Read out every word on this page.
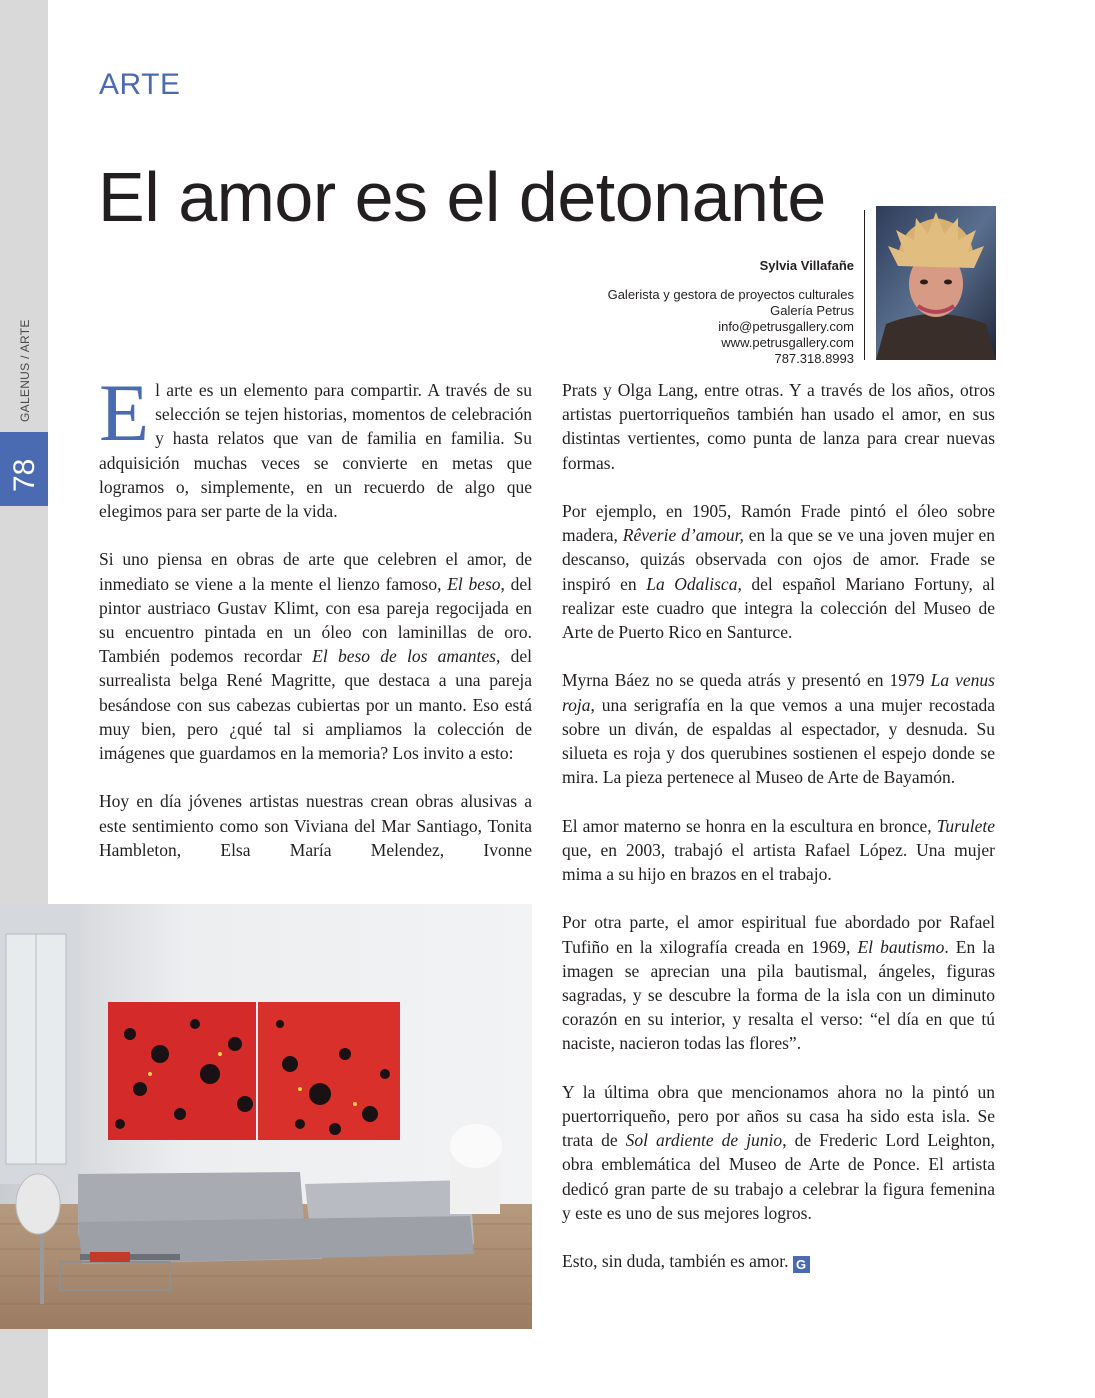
GALENUS / ARTE
78
ARTE
El amor es el detonante
Sylvia Villafañe
Galerista y gestora de proyectos culturales
Galería Petrus
info@petrusgallery.com
www.petrusgallery.com
787.318.8993

El arte es un elemento para compartir. A través de su selección se tejen historias, momentos de celebración y hasta relatos que van de familia en familia. Su adquisición muchas veces se convierte en metas que logramos o, simplemente, en un recuerdo de algo que elegimos para ser parte de la vida.

Si uno piensa en obras de arte que celebren el amor, de inmediato se viene a la mente el lienzo famoso, El beso, del pintor austriaco Gustav Klimt, con esa pareja regocijada en su encuentro pintada en un óleo con laminillas de oro. También podemos recordar El beso de los amantes, del surrealista belga René Magritte, que destaca a una pareja besándose con sus cabezas cubiertas por un manto. Eso está muy bien, pero ¿qué tal si ampliamos la colección de imágenes que guardamos en la memoria? Los invito a esto:

Hoy en día jóvenes artistas nuestras crean obras alusivas a este sentimiento como son Viviana del Mar Santiago, Tonita Hambleton, Elsa María Melendez, Ivonne

Prats y Olga Lang, entre otras. Y a través de los años, otros artistas puertorriqueños también han usado el amor, en sus distintas vertientes, como punta de lanza para crear nuevas formas.

Por ejemplo, en 1905, Ramón Frade pintó el óleo sobre madera, Rêverie d’amour, en la que se ve una joven mujer en descanso, quizás observada con ojos de amor. Frade se inspiró en La Odalisca, del español Mariano Fortuny, al realizar este cuadro que integra la colección del Museo de Arte de Puerto Rico en Santurce.

Myrna Báez no se queda atrás y presentó en 1979 La venus roja, una serigrafía en la que vemos a una mujer recostada sobre un diván, de espaldas al espectador, y desnuda. Su silueta es roja y dos querubines sostienen el espejo donde se mira. La pieza pertenece al Museo de Arte de Bayamón.

El amor materno se honra en la escultura en bronce, Turulete que, en 2003, trabajó el artista Rafael López. Una mujer mima a su hijo en brazos en el trabajo.

Por otra parte, el amor espiritual fue abordado por Rafael Tufiño en la xilografía creada en 1969, El bautismo. En la imagen se aprecian una pila bautismal, ángeles, figuras sagradas, y se descubre la forma de la isla con un diminuto corazón en su interior, y resalta el verso: “el día en que tú naciste, nacieron todas las flores”.

Y la última obra que mencionamos ahora no la pintó un puertorriqueño, pero por años su casa ha sido esta isla. Se trata de Sol ardiente de junio, de Frederic Lord Leighton, obra emblemática del Museo de Arte de Ponce. El artista dedicó gran parte de su trabajo a celebrar la figura femenina y este es uno de sus mejores logros.

Esto, sin duda, también es amor. G
